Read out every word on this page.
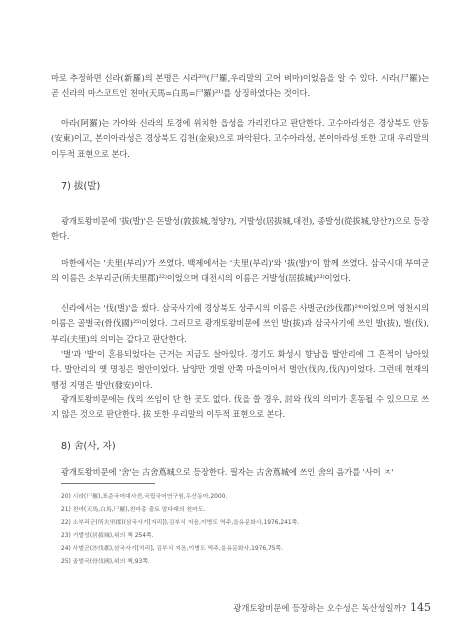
마로 추정하면 신라(新羅)의 본명은 시라²⁰⁾(尸羅,우리말의 고어 벼마)이었음을 알 수 있다. 시라(尸羅)는 곧 신라의 마스코트인 천마(天馬=白馬=尸羅)²¹⁾를 상징하였다는 것이다.

아라(阿羅)는 가야와 신라의 토경에 위치한 읍성을 가리킨다고 판단한다. 고수아라성은 경상북도 안동(安東)이고, 본이아라성은 경상북도 김천(金泉)으로 파악된다. 고수아라성, 본이아라성 또한 고대 우리말의 이두적 표현으로 본다.

7) 拔(발)

광개토왕비문에 '拔(발)'은 돈발성(敦拔城,청양?), 거발성(居拔城,대전), 종발성(從拔城,양산?)으로 등장한다.

마한에서는 '夫里(부리)'가 쓰였다. 백제에서는 '夫里(부리)'와 '拔(발)'이 함께 쓰였다. 삼국시대 부여군의 이름은 소부리군(所夫里郡)²²⁾이었으며 대전시의 이름은 거발성(居拔城)²³⁾이었다.

신라에서는 '伐(벌)'을 썼다. 삼국사기에 경상북도 상주시의 이름은 사벌군(沙伐郡)²⁴⁾이었으며 영천시의 이름은 골벌국(骨伐國)²⁵⁾이었다. 그러므로 광개토왕비문에 쓰인 발(拔)과 삼국사기에 쓰인 발(拔), 벌(伐), 부리(夫里)의 의미는 같다고 판단한다.

'벌'과 '발'이 혼용되었다는 근거는 지금도 살아있다. 경기도 화성시 향남읍 발안리에 그 흔적이 남아있다. 발안리의 옛 명칭은 벌안이었다. 남양만 갯벌 안쪽 마을이어서 벌안(伐內,伐內)이었다. 그런데 현재의 행정 지명은 발안(發安)이다.

광개토왕비문에는 伐의 쓰임이 단 한 곳도 없다. 伐을 쓸 경우, 討와 伐의 의미가 혼동될 수 있으므로 쓰지 않은 것으로 판단한다. 拔 또한 우리말의 이두적 표현으로 본다.

8) 舍(사, 자)

광개토왕비문에 '舍'는 古舍蔦城으로 등장한다. 필자는 古舍蔦城에 쓰인 舍의 음가를 '사이 ㅈ'

20) 시라(尸羅),표준국어대사전,국립국어연구원,두산동아,2000.

21) 천마(天馬,白馬,尸羅),천마총 출토 말다래의 천마도.

22) 소부리군(所夫里郡)(삼국사기[지리]),김부식 지음,이병도 역주,을유문화사,1976,241쪽.

23) 거발성(居拔城),위의 책 254쪽.

24) 사벌군(沙伐郡),삼국사기[지리], 김부식 지음,이병도 역주,을유문화사,1976,75쪽.

25) 골벌국(骨伐國),위의 책,93쪽.

광개토왕비문에 등장하는 오수성은 독산성일까? 145
